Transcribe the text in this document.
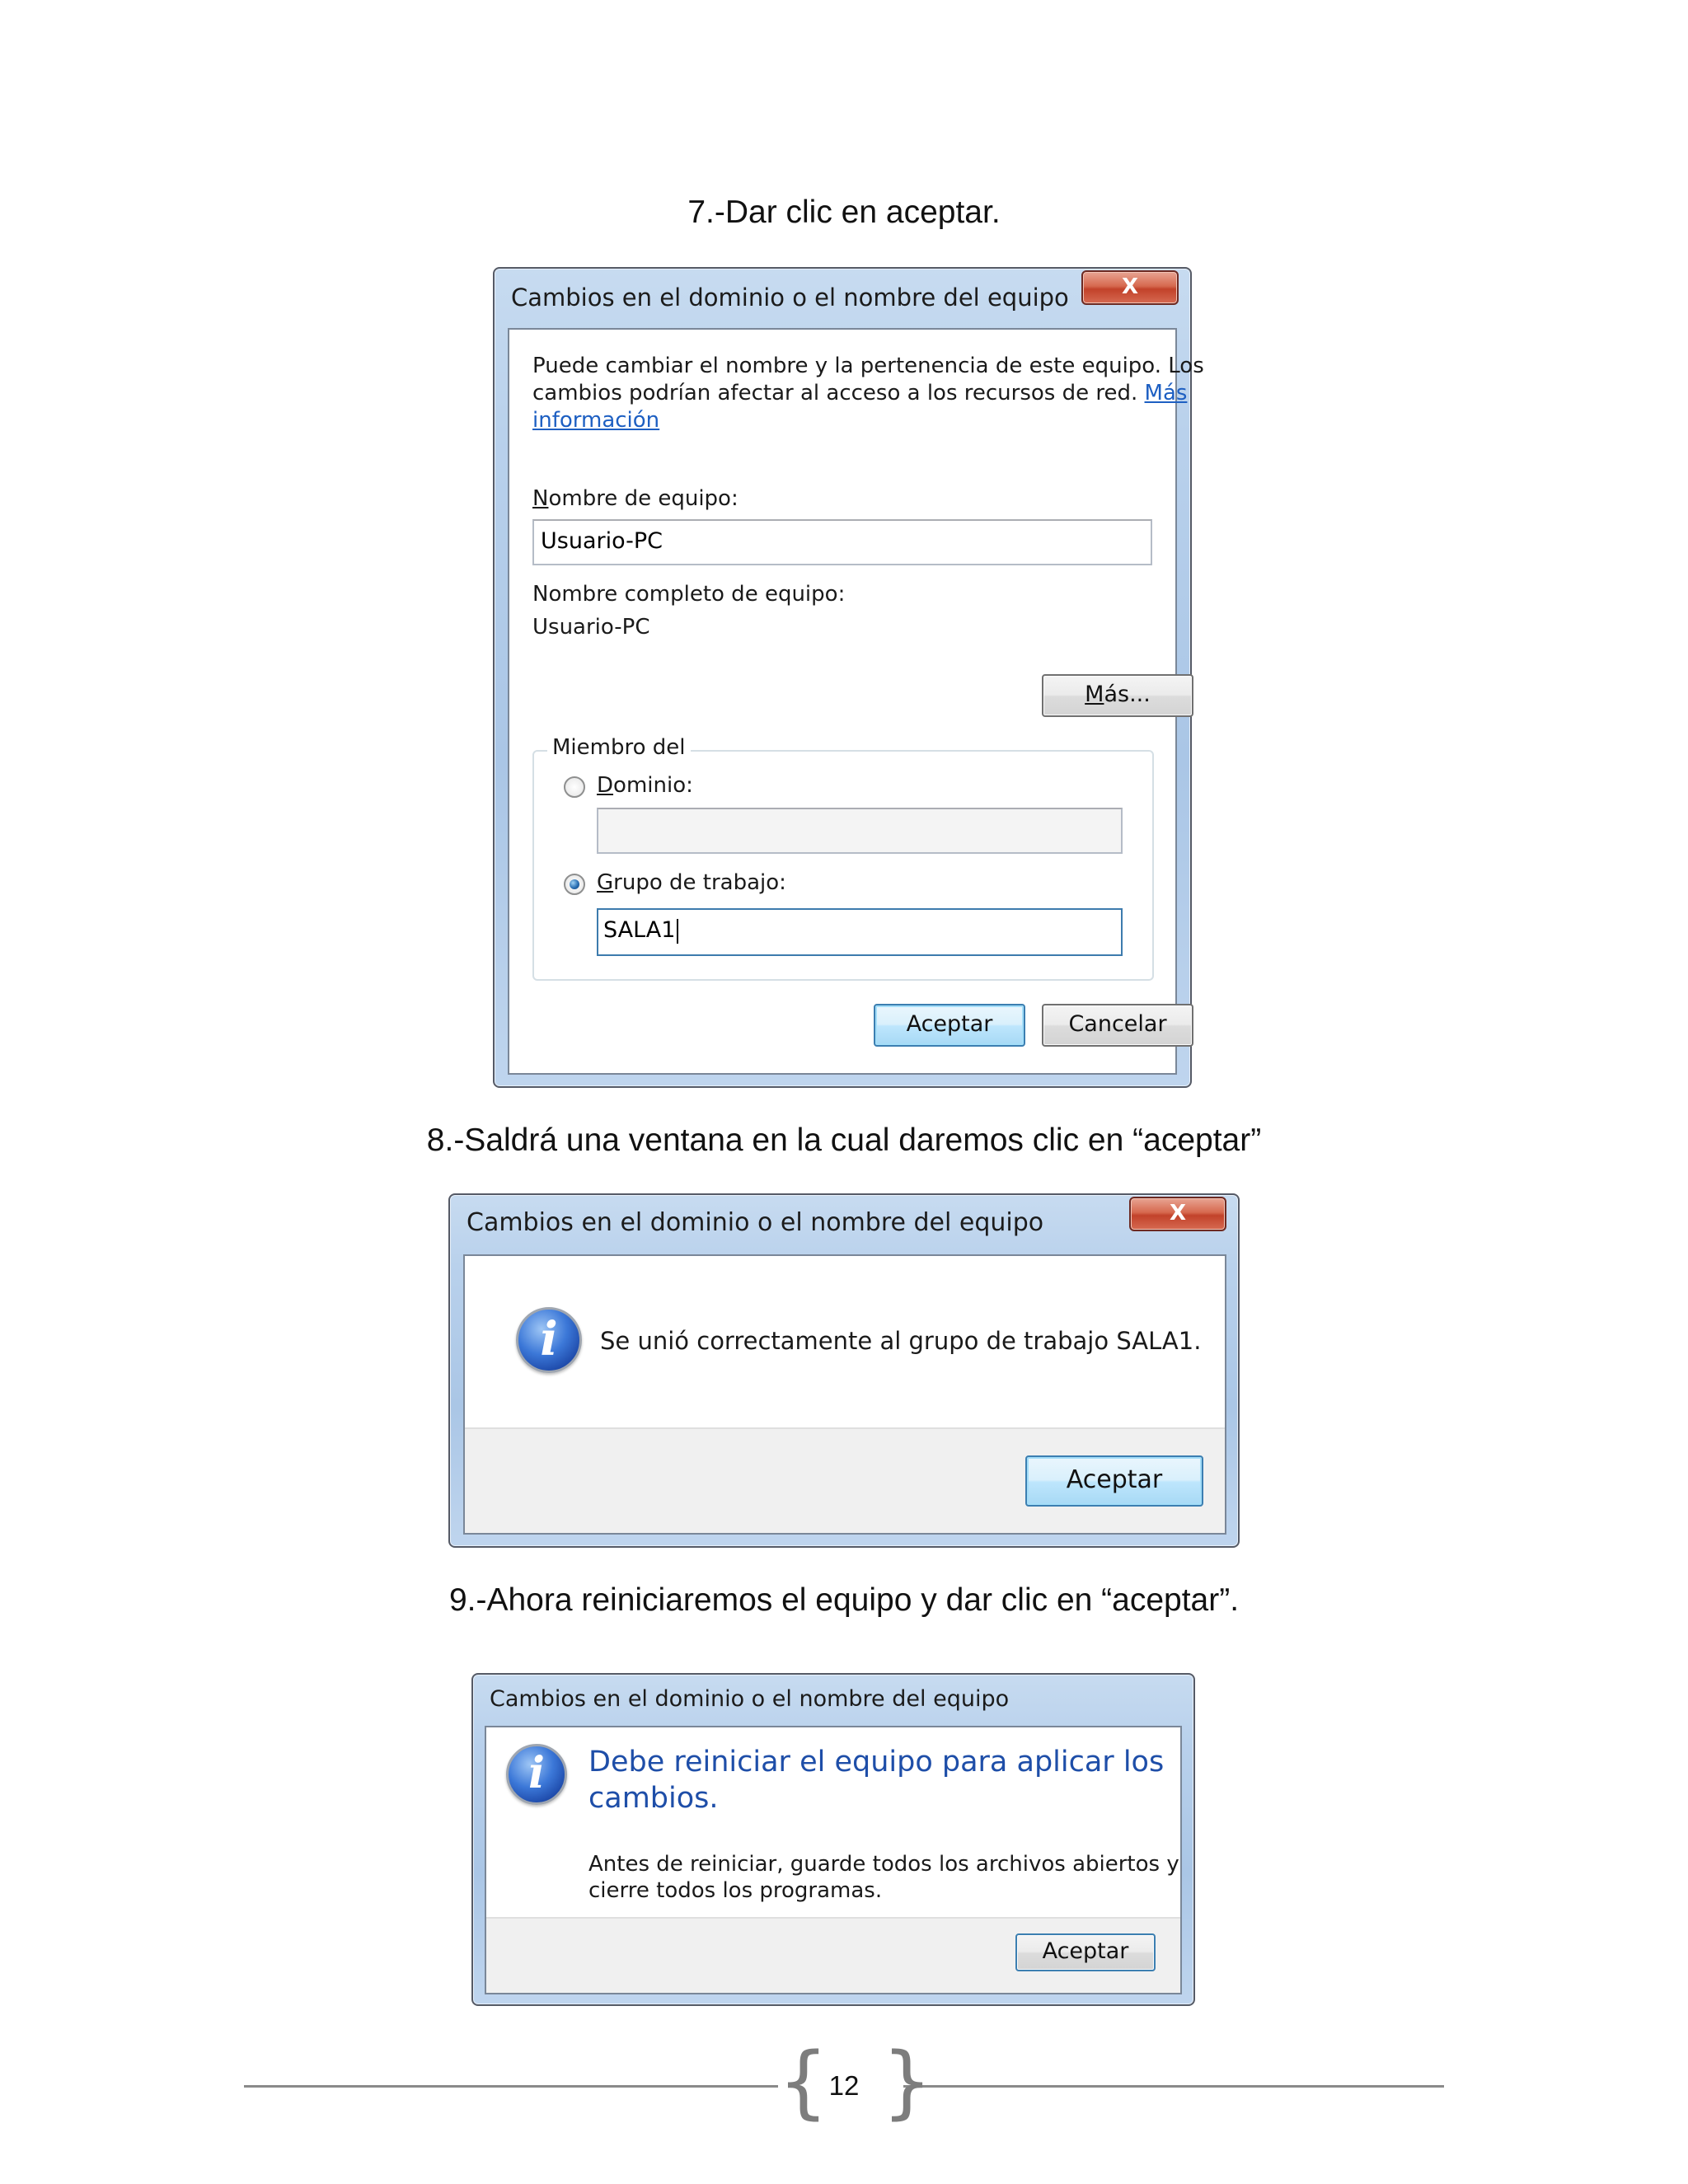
7.-Dar clic en aceptar.
Cambios en el dominio o el nombre del equipo	X
Puede cambiar el nombre y la pertenencia de este equipo. Los
cambios podrían afectar al acceso a los recursos de red. Más
información
Nombre de equipo:
Usuario-PC
Nombre completo de equipo:
Usuario-PC
Más...
Miembro del
Dominio:
Grupo de trabajo:
SALA1
Aceptar	Cancelar
8.-Saldrá una ventana en la cual daremos clic en “aceptar”
Cambios en el dominio o el nombre del equipo	X
i	Se unió correctamente al grupo de trabajo SALA1.
Aceptar
9.-Ahora reiniciaremos el equipo y dar clic en “aceptar”.
Cambios en el dominio o el nombre del equipo
i	Debe reiniciar el equipo para aplicar los
cambios.
Antes de reiniciar, guarde todos los archivos abiertos y
cierre todos los programas.
Aceptar
{ }
12
